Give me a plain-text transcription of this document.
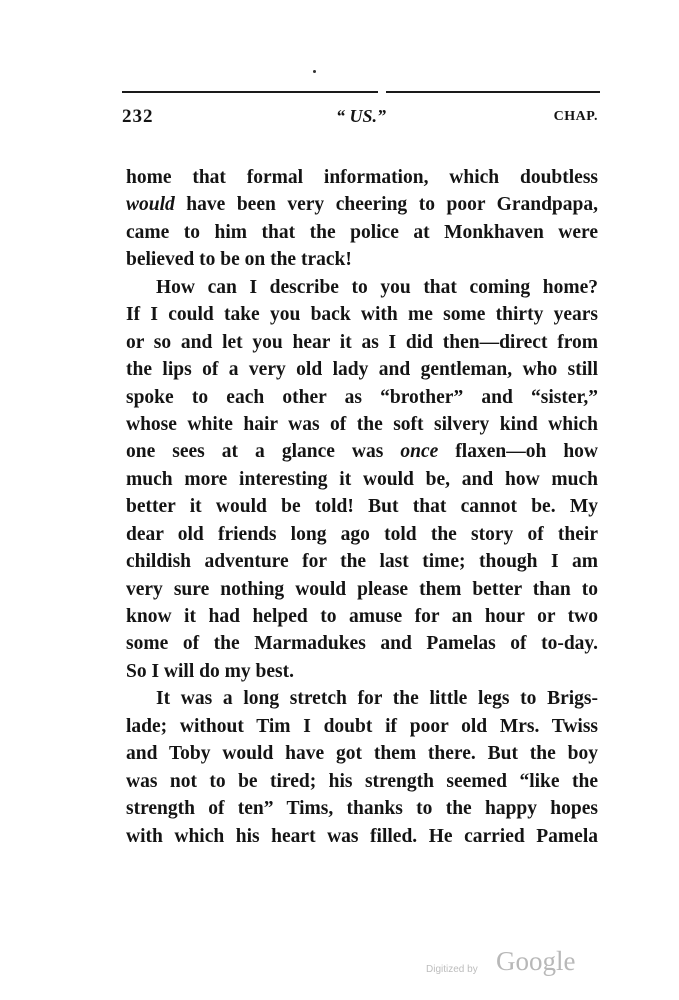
232	“ US.”	CHAP.
home that formal information, which doubtless
would have been very cheering to poor Grandpapa,
came to him that the police at Monkhaven were
believed to be on the track!
How can I describe to you that coming home?
If I could take you back with me some thirty years
or so and let you hear it as I did then—direct from
the lips of a very old lady and gentleman, who still
spoke to each other as “brother” and “sister,”
whose white hair was of the soft silvery kind which
one sees at a glance was once flaxen—oh how
much more interesting it would be, and how much
better it would be told! But that cannot be. My
dear old friends long ago told the story of their
childish adventure for the last time; though I am
very sure nothing would please them better than to
know it had helped to amuse for an hour or two
some of the Marmadukes and Pamelas of to-day.
So I will do my best.
It was a long stretch for the little legs to Brigs-
lade; without Tim I doubt if poor old Mrs. Twiss
and Toby would have got them there. But the boy
was not to be tired; his strength seemed “like the
strength of ten” Tims, thanks to the happy hopes
with which his heart was filled. He carried Pamela
Digitized by Google
